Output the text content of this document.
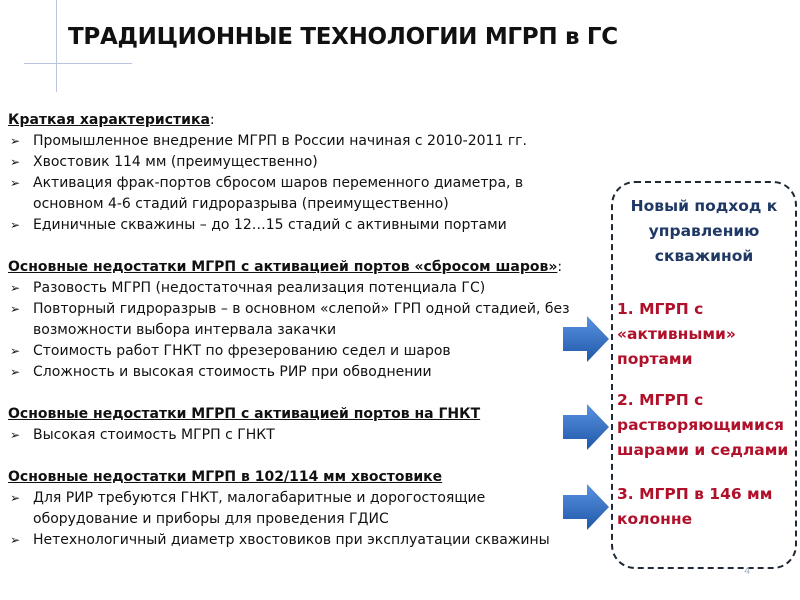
ТРАДИЦИОННЫЕ ТЕХНОЛОГИИ МГРП в ГС

Краткая характеристика:

➢ Промышленное внедрение МГРП в России начиная с 2010-2011 гг.
➢ Хвостовик 114 мм (преимущественно)
➢ Активация фрак-портов сбросом шаров переменного диаметра, в основном 4-6 стадий гидроразрыва (преимущественно)
➢ Единичные скважины – до 12…15 стадий с активными портами

Основные недостатки МГРП с активацией портов «сбросом шаров»:

➢ Разовость МГРП (недостаточная реализация потенциала ГС)
➢ Повторный гидроразрыв – в основном «слепой» ГРП одной стадией, без возможности выбора интервала закачки
➢ Стоимость работ ГНКТ по фрезерованию седел и шаров
➢ Сложность и высокая стоимость РИР при обводнении

Основные недостатки МГРП с активацией портов на ГНКТ

➢ Высокая стоимость МГРП с ГНКТ

Основные недостатки МГРП в 102/114 мм хвостовике

➢ Для РИР требуются ГНКТ, малогабаритные и дорогостоящие оборудование и приборы для проведения ГДИС
➢ Нетехнологичный диаметр хвостовиков при эксплуатации скважины
Новый подход к управлению скважиной
1. МГРП с «активными» портами
2. МГРП с растворяющимися шарами и седлами
3. МГРП в 146 мм колонне
4
